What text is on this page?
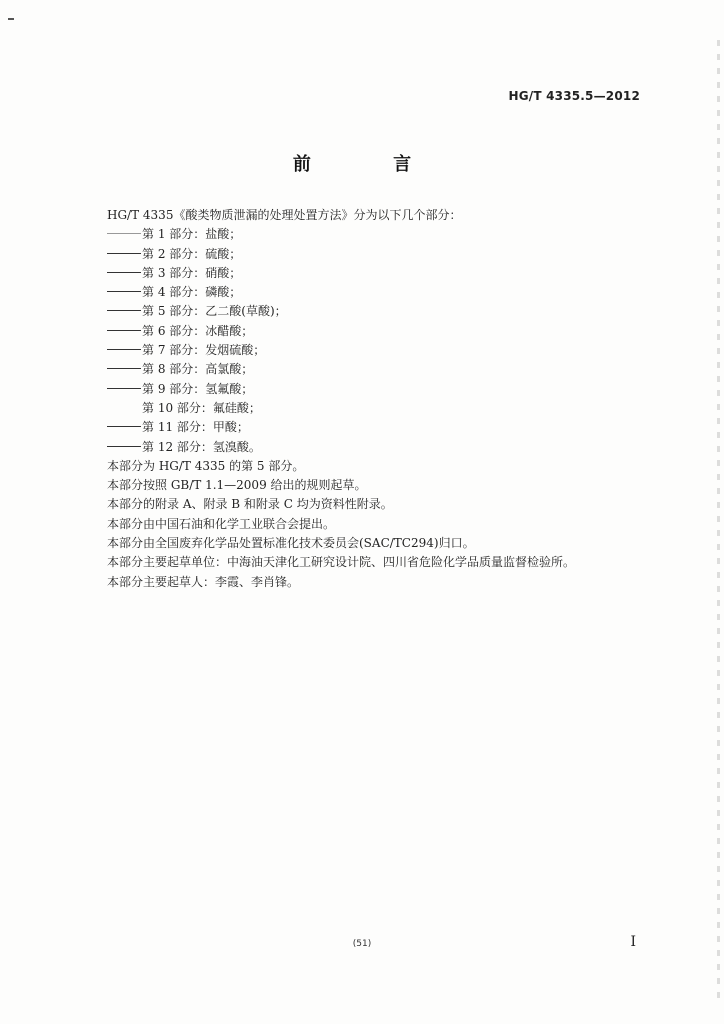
HG/T 4335.5—2012
前 言
HG/T 4335《酸类物质泄漏的处理处置方法》分为以下几个部分：
第 1 部分：盐酸；
第 2 部分：硫酸；
第 3 部分：硝酸；
第 4 部分：磷酸；
第 5 部分：乙二酸(草酸)；
第 6 部分：冰醋酸；
第 7 部分：发烟硫酸；
第 8 部分：高氯酸；
第 9 部分：氢氟酸；
第 10 部分：氟硅酸；
第 11 部分：甲酸；
第 12 部分：氢溴酸。
本部分为 HG/T 4335 的第 5 部分。
本部分按照 GB/T 1.1—2009 给出的规则起草。
本部分的附录 A、附录 B 和附录 C 均为资料性附录。
本部分由中国石油和化学工业联合会提出。
本部分由全国废弃化学品处置标准化技术委员会(SAC/TC294)归口。
本部分主要起草单位：中海油天津化工研究设计院、四川省危险化学品质量监督检验所。
本部分主要起草人：李霞、李肖锋。
(51)	I
